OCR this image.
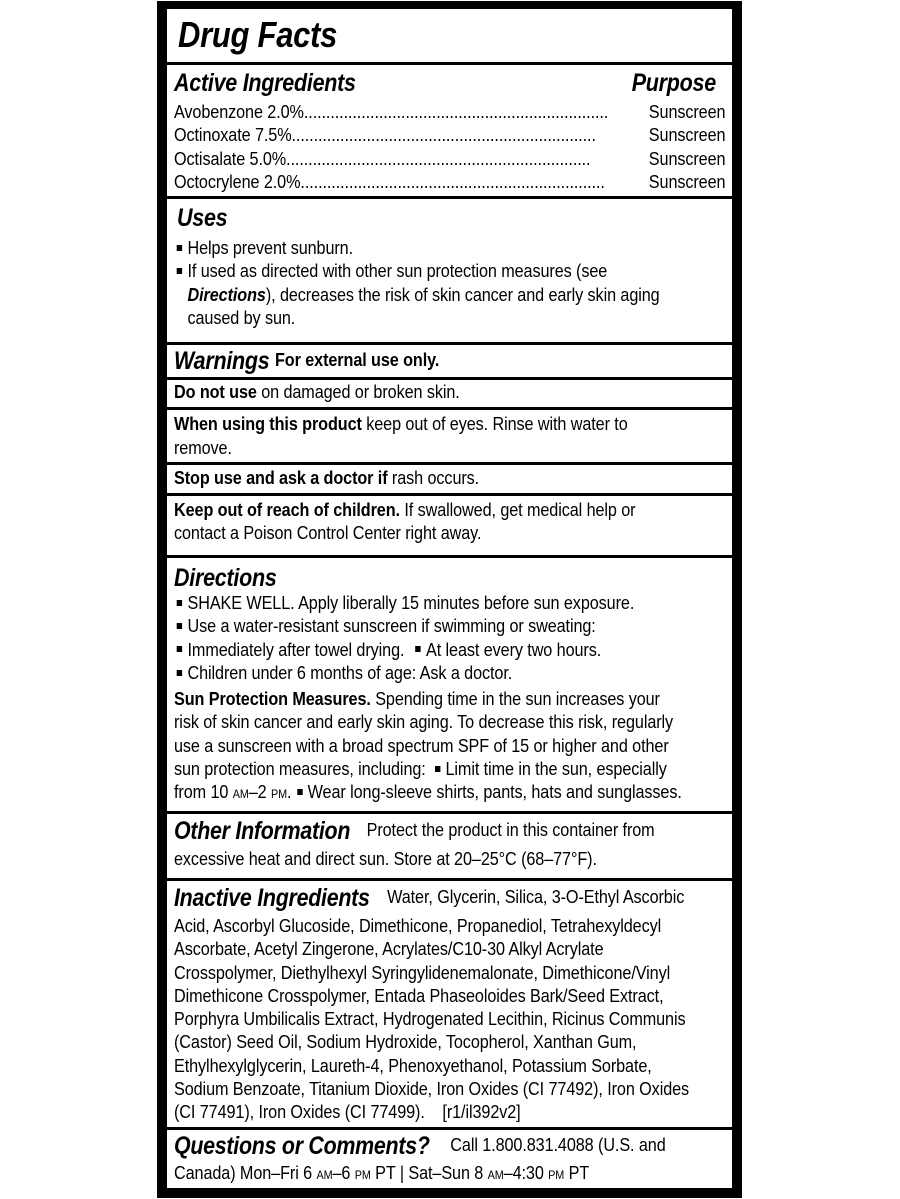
Drug Facts
Active Ingredients	Purpose
Avobenzone 2.0% .....................................................................	Sunscreen
Octinoxate 7.5% .....................................................................	Sunscreen
Octisalate 5.0% .....................................................................	Sunscreen
Octocrylene 2.0% .....................................................................	Sunscreen
Uses
Helps prevent sunburn.
If used as directed with other sun protection measures (see
Directions), decreases the risk of skin cancer and early skin aging
caused by sun.
Warnings For external use only.
Do not use on damaged or broken skin.
When using this product keep out of eyes. Rinse with water to
remove.
Stop use and ask a doctor if rash occurs.
Keep out of reach of children. If swallowed, get medical help or
contact a Poison Control Center right away.
Directions
SHAKE WELL. Apply liberally 15 minutes before sun exposure.
Use a water-resistant sunscreen if swimming or sweating:
Immediately after towel drying. At least every two hours.
Children under 6 months of age: Ask a doctor.
Sun Protection Measures. Spending time in the sun increases your
risk of skin cancer and early skin aging. To decrease this risk, regularly
use a sunscreen with a broad spectrum SPF of 15 or higher and other
sun protection measures, including: Limit time in the sun, especially
from 10 AM–2 PM. Wear long-sleeve shirts, pants, hats and sunglasses.
Other Information Protect the product in this container from
excessive heat and direct sun. Store at 20–25°C (68–77°F).
Inactive Ingredients Water, Glycerin, Silica, 3-O-Ethyl Ascorbic
Acid, Ascorbyl Glucoside, Dimethicone, Propanediol, Tetrahexyldecyl
Ascorbate, Acetyl Zingerone, Acrylates/C10-30 Alkyl Acrylate
Crosspolymer, Diethylhexyl Syringylidenemalonate, Dimethicone/Vinyl
Dimethicone Crosspolymer, Entada Phaseoloides Bark/Seed Extract,
Porphyra Umbilicalis Extract, Hydrogenated Lecithin, Ricinus Communis
(Castor) Seed Oil, Sodium Hydroxide, Tocopherol, Xanthan Gum,
Ethylhexylglycerin, Laureth-4, Phenoxyethanol, Potassium Sorbate,
Sodium Benzoate, Titanium Dioxide, Iron Oxides (CI 77492), Iron Oxides
(CI 77491), Iron Oxides (CI 77499).    [r1/il392v2]
Questions or Comments? Call 1.800.831.4088 (U.S. and
Canada) Mon–Fri 6 AM–6 PM PT | Sat–Sun 8 AM–4:30 PM PT
